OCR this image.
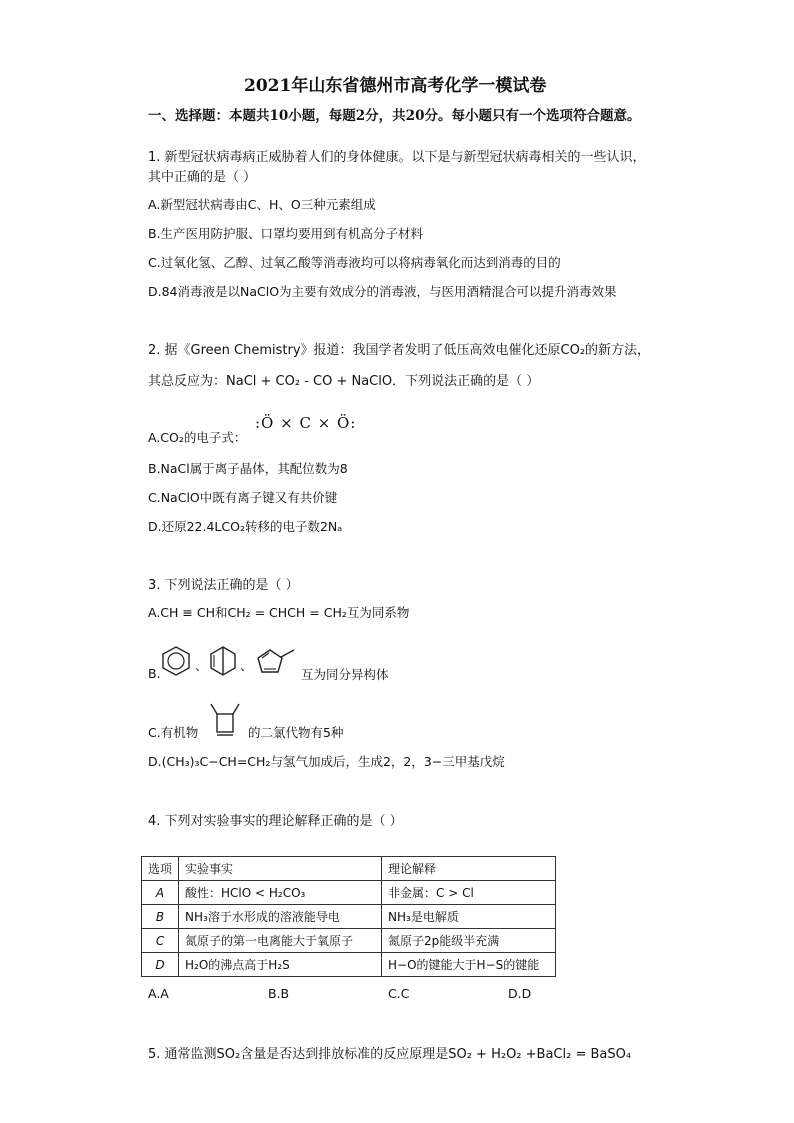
2021年山东省德州市高考化学一模试卷
一、选择题：本题共10小题，每题2分，共20分。每小题只有一个选项符合题意。
1. 新型冠状病毒病正威胁着人们的身体健康。以下是与新型冠状病毒相关的一些认识，
其中正确的是（ ）
A.新型冠状病毒由C、H、O三种元素组成
B.生产医用防护服、口罩均要用到有机高分子材料
C.过氧化氢、乙醇、过氧乙酸等消毒液均可以将病毒氧化而达到消毒的目的
D.84消毒液是以NaClO为主要有效成分的消毒液，与医用酒精混合可以提升消毒效果
2. 据《Green Chemistry》报道：我国学者发明了低压高效电催化还原CO₂的新方法，
其总反应为：NaCl + CO₂ - CO + NaClO．下列说法正确的是（ ）
A.CO₂的电子式：
:Ö × C × Ö:
B.NaCl属于离子晶体，其配位数为8
C.NaClO中既有离子键又有共价键
D.还原22.4LCO₂转移的电子数2Nₐ
3. 下列说法正确的是（ ）
A.CH ≡ CH和CH₂ = CHCH = CH₂互为同系物
B.
、	、
互为同分异构体
C.有机物	的二氯代物有5种
D.(CH₃)₃C−CH=CH₂与氢气加成后，生成2，2，3−三甲基戊烷
4. 下列对实验事实的理论解释正确的是（ ）
选项	实验事实	理论解释
A	酸性：HClO < H₂CO₃	非金属：C > Cl
B	NH₃溶于水形成的溶液能导电	NH₃是电解质
C	氮原子的第一电离能大于氧原子	氮原子2p能级半充满
D	H₂O的沸点高于H₂S	H−O的键能大于H−S的键能
A.A	B.B	C.C	D.D
5. 通常监测SO₂含量是否达到排放标准的反应原理是SO₂ + H₂O₂ +BaCl₂ = BaSO₄
